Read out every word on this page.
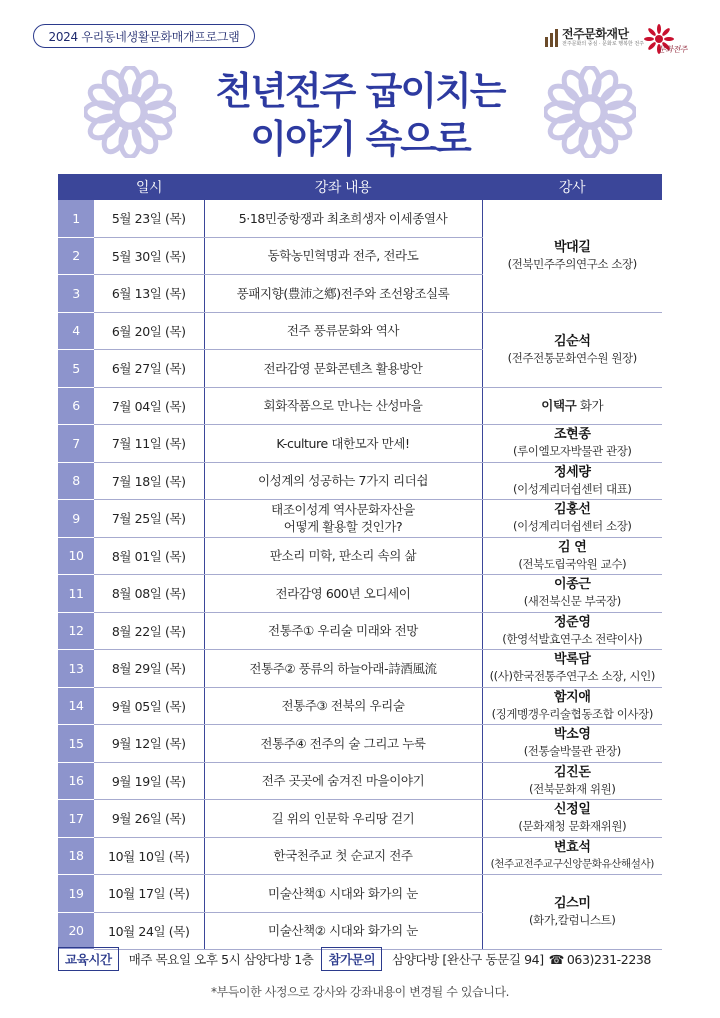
2024 우리동네생활문화매개프로그램	전주문화재단
전주문화의 중심 · 문화로 행복한 전주
문화전주
천년전주 굽이치는
이야기 속으로
	일시	강좌 내용	강사
1	5월 23일 (목)	5·18민중항쟁과 최초희생자 이세종열사	박대길
(전북민주주의연구소 소장)

2	5월 30일 (목)	동학농민혁명과 전주, 전라도	
3	6월 13일 (목)	풍패지향(豊沛之鄕)전주와 조선왕조실록	
4	6월 20일 (목)	전주 풍류문화와 역사	김순석
(전주전통문화연수원 원장)

5	6월 27일 (목)	전라감영 문화콘텐츠 활용방안	
6	7월 04일 (목)	회화작품으로 만나는 산성마을	이택구 화가
7	7월 11일 (목)	K-culture 대한모자 만세!	조현종
(루이엘모자박물관 관장)

8	7월 18일 (목)	이성계의 성공하는 7가지 리더쉽	정세량
(이성계리더쉽센터 대표)

9	7월 25일 (목)	태조이성계 역사문화자산을
어떻게 활용할 것인가?	김홍선
(이성계리더쉽센터 소장)

10	8월 01일 (목)	판소리 미학, 판소리 속의 삶	김 연
(전북도립국악원 교수)

11	8월 08일 (목)	전라감영 600년 오디세이	이종근
(새전북신문 부국장)

12	8월 22일 (목)	전통주① 우리술 미래와 전망	정준영
(한영석발효연구소 전략이사)

13	8월 29일 (목)	전통주② 풍류의 하늘아래-詩酒風流	박록담
((사)한국전통주연구소 소장, 시인)

14	9월 05일 (목)	전통주③ 전북의 우리술	함지애
(징게멩갱우리술협동조합 이사장)

15	9월 12일 (목)	전통주④ 전주의 술 그리고 누룩	박소영
(전통술박물관 관장)

16	9월 19일 (목)	전주 곳곳에 숨겨진 마을이야기	김진돈
(전북문화재 위원)

17	9월 26일 (목)	길 위의 인문학 우리땅 걷기	신정일
(문화재청 문화재위원)

18	10월 10일 (목)	한국천주교 첫 순교지 전주	변효석
(천주교전주교구신앙문화유산해설사)

19	10월 17일 (목)	미술산책① 시대와 화가의 눈	김스미
(화가,칼럼니스트)

20	10월 24일 (목)	미술산책② 시대와 화가의 눈	
교육시간	매주 목요일 오후 5시 삼양다방 1층	참가문의	삼양다방 [완산구 동문길 94] ☎ 063)231-2238
*부득이한 사정으로 강사와 강좌내용이 변경될 수 있습니다.
